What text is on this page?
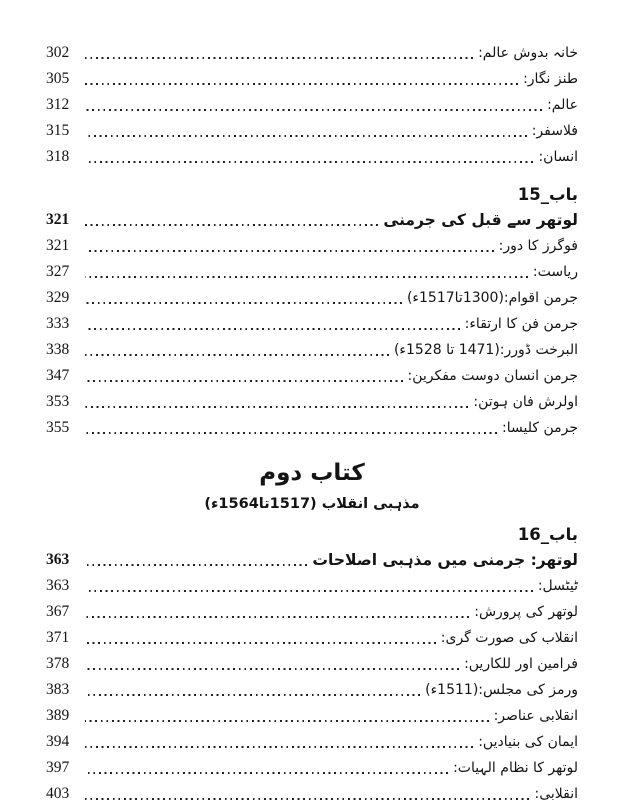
خانہ بدوش عالم:
302
طنز نگار:
305
عالم:
312
فلاسفر:
315
انسان:
318
باب_15
لوتھر سے قبل کی جرمنی
321
فوگرز کا دور:
321
ریاست:
327
جرمن اقوام:(1300تا1517ء)
329
جرمن فن کا ارتقاء:
333
البرخت ڈورر:(1471 تا 1528ء)
338
جرمن انسان دوست مفکرین:
347
اولرش فان ہوتن:
353
جرمن کلیسا:
355
کتاب دوم
مذہبی انقلاب (1517تا1564ء)
باب_16
لوتھر: جرمنی میں مذہبی اصلاحات
363
ٹیٹسل:
363
لوتھر کی پرورش:
367
انقلاب کی صورت گری:
371
فرامین اور للکاریں:
378
ورمز کی مجلس:(1511ء)
383
انقلابی عناصر:
389
ایمان کی بنیادیں:
394
لوتھر کا نظام الہیات:
397
انقلابی:
403
